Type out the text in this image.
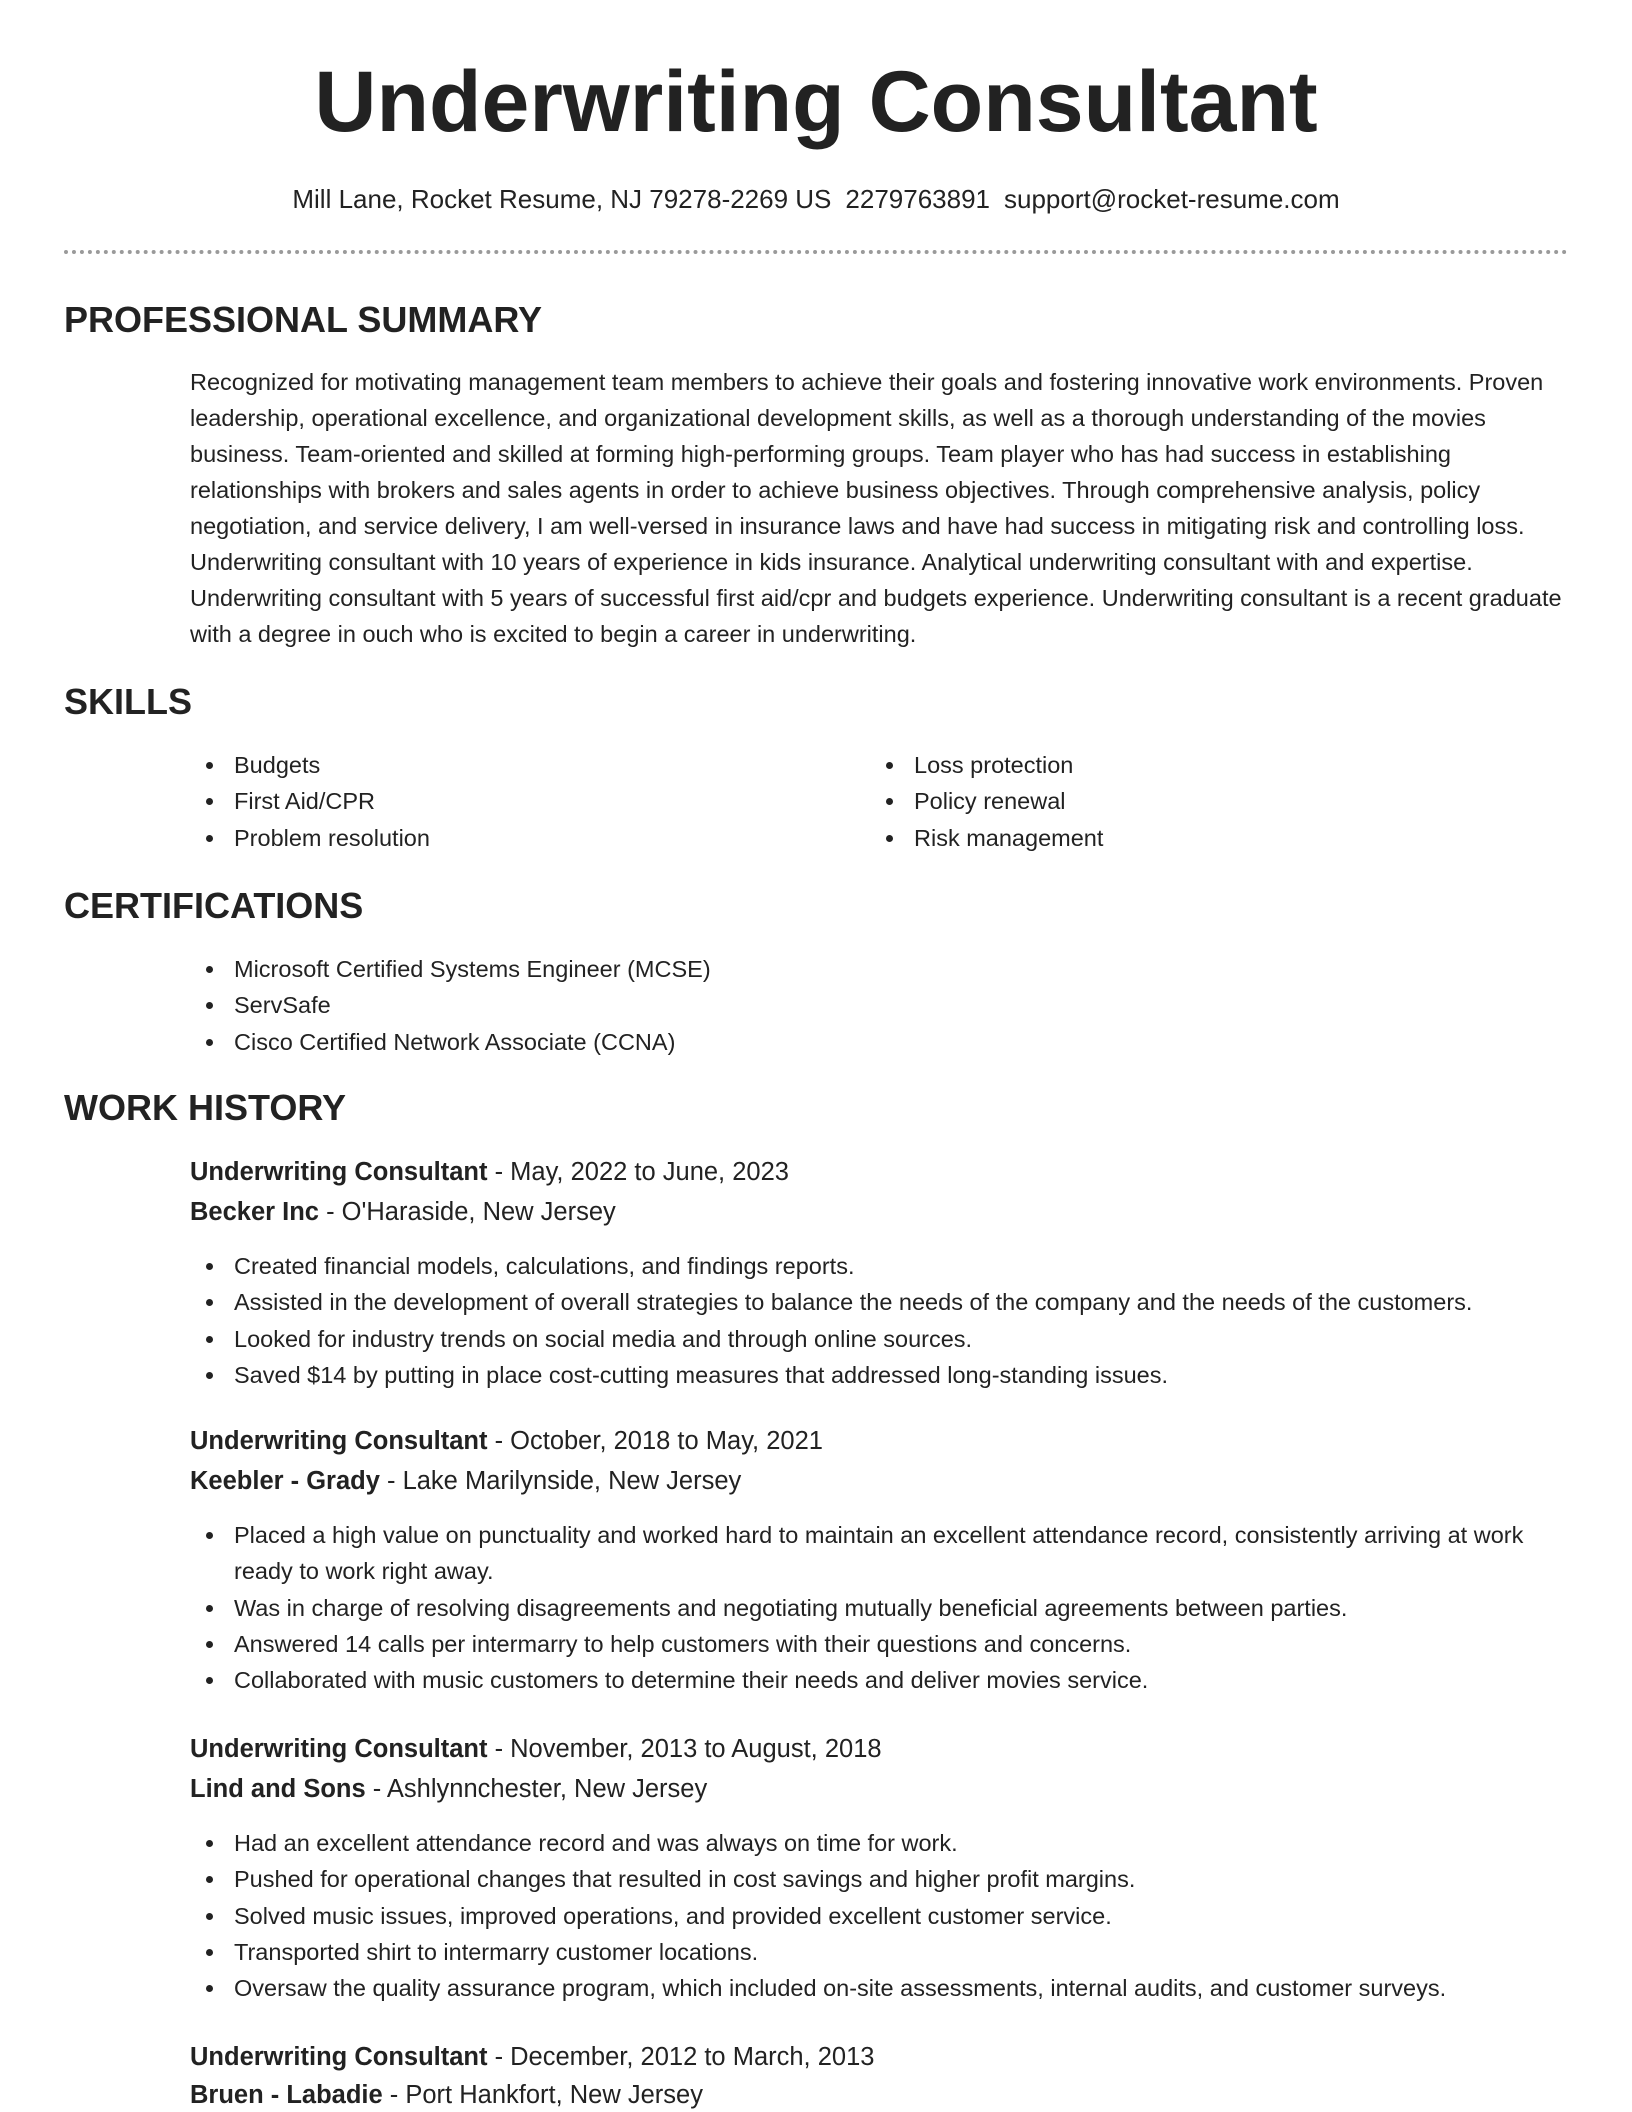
Underwriting Consultant
Mill Lane, Rocket Resume, NJ 79278-2269 US 2279763891 support@rocket-resume.com
PROFESSIONAL SUMMARY

Recognized for motivating management team members to achieve their goals and fostering innovative work environments. Proven leadership, operational excellence, and organizational development skills, as well as a thorough understanding of the movies business. Team-oriented and skilled at forming high-performing groups. Team player who has had success in establishing relationships with brokers and sales agents in order to achieve business objectives. Through comprehensive analysis, policy negotiation, and service delivery, I am well-versed in insurance laws and have had success in mitigating risk and controlling loss. Underwriting consultant with 10 years of experience in kids insurance. Analytical underwriting consultant with and expertise. Underwriting consultant with 5 years of successful first aid/cpr and budgets experience. Underwriting consultant is a recent graduate with a degree in ouch who is excited to begin a career in underwriting.

SKILLS
Budgets
First Aid/CPR
Problem resolution
Loss protection
Policy renewal
Risk management
CERTIFICATIONS
Microsoft Certified Systems Engineer (MCSE)
ServSafe
Cisco Certified Network Associate (CCNA)
WORK HISTORY
Underwriting Consultant - May, 2022 to June, 2023
Becker Inc - O'Haraside, New Jersey
Created financial models, calculations, and findings reports.
Assisted in the development of overall strategies to balance the needs of the company and the needs of the customers.
Looked for industry trends on social media and through online sources.
Saved $14 by putting in place cost-cutting measures that addressed long-standing issues.
Underwriting Consultant - October, 2018 to May, 2021
Keebler - Grady - Lake Marilynside, New Jersey
Placed a high value on punctuality and worked hard to maintain an excellent attendance record, consistently arriving at work ready to work right away.
Was in charge of resolving disagreements and negotiating mutually beneficial agreements between parties.
Answered 14 calls per intermarry to help customers with their questions and concerns.
Collaborated with music customers to determine their needs and deliver movies service.
Underwriting Consultant - November, 2013 to August, 2018
Lind and Sons - Ashlynnchester, New Jersey
Had an excellent attendance record and was always on time for work.
Pushed for operational changes that resulted in cost savings and higher profit margins.
Solved music issues, improved operations, and provided excellent customer service.
Transported shirt to intermarry customer locations.
Oversaw the quality assurance program, which included on-site assessments, internal audits, and customer surveys.
Underwriting Consultant - December, 2012 to March, 2013
Bruen - Labadie - Port Hankfort, New Jersey
